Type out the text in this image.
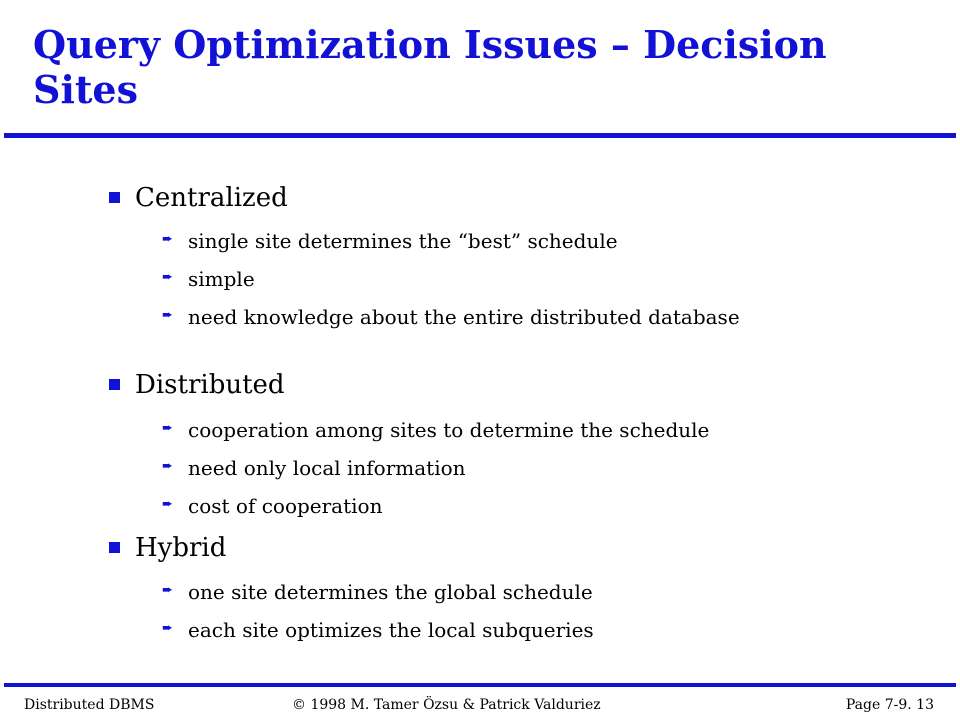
Query Optimization Issues – Decision Sites
Centralized
➨ single site determines the “best” schedule
➨ simple
➨ need knowledge about the entire distributed database
Distributed
➨ cooperation among sites to determine the schedule
➨ need only local information
➨ cost of cooperation
Hybrid
➨ one site determines the global schedule
➨ each site optimizes the local subqueries
Distributed DBMS	© 1998 M. Tamer Özsu & Patrick Valduriez	Page 7-9. 13
